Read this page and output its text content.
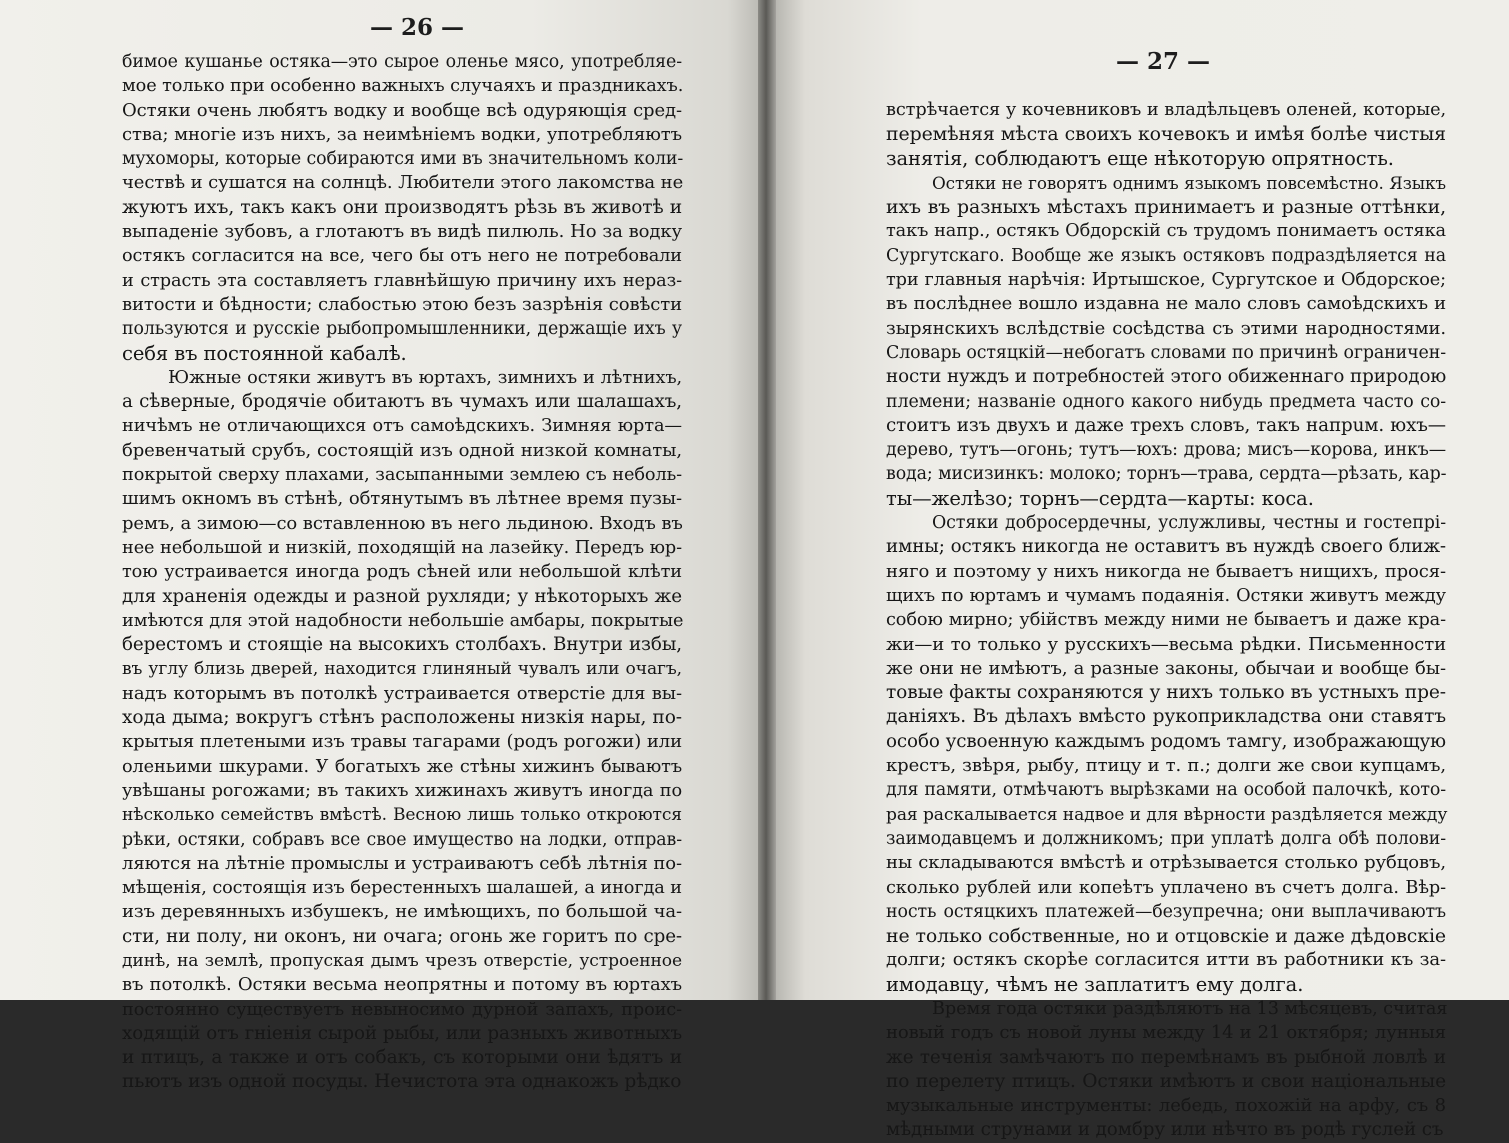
— 26 —
бимое кушанье остяка—это сырое оленье мясо, употребляе-
мое только при особенно важныхъ случаяхъ и праздникахъ.
Остяки очень любятъ водку и вообще всѣ одуряющія сред-
ства; многіе изъ нихъ, за неимѣніемъ водки, употребляютъ
мухоморы, которые собираются ими въ значительномъ коли-
чествѣ и сушатся на солнцѣ. Любители этого лакомства не
жуютъ ихъ, такъ какъ они производятъ рѣзь въ животѣ и
выпаденіе зубовъ, а глотаютъ въ видѣ пилюль. Но за водку
остякъ согласится на все, чего бы отъ него не потребовали
и страсть эта составляетъ главнѣйшую причину ихъ нераз-
витости и бѣдности; слабостью этою безъ зазрѣнія совѣсти
пользуются и русскіе рыбопромышленники, держащіе ихъ у
себя въ постоянной кабалѣ.
Южные остяки живутъ въ юртахъ, зимнихъ и лѣтнихъ,
а сѣверные, бродячіе обитаютъ въ чумахъ или шалашахъ,
ничѣмъ не отличающихся отъ самоѣдскихъ. Зимняя юрта—
бревенчатый срубъ, состоящій изъ одной низкой комнаты,
покрытой сверху плахами, засыпанными землею съ неболь-
шимъ окномъ въ стѣнѣ, обтянутымъ въ лѣтнее время пузы-
ремъ, а зимою—со вставленною въ него льдиною. Входъ въ
нее небольшой и низкій, походящій на лазейку. Передъ юр-
тою устраивается иногда родъ сѣней или небольшой клѣти
для храненія одежды и разной рухляди; у нѣкоторыхъ же
имѣются для этой надобности небольшіе амбары, покрытые
берестомъ и стоящіе на высокихъ столбахъ. Внутри избы,
въ углу близь дверей, находится глиняный чувалъ или очагъ,
надъ которымъ въ потолкѣ устраивается отверстіе для вы-
хода дыма; вокругъ стѣнъ расположены низкія нары, по-
крытыя плетеными изъ травы тагарами (родъ рогожи) или
оленьими шкурами. У богатыхъ же стѣны хижинъ бываютъ
увѣшаны рогожами; въ такихъ хижинахъ живутъ иногда по
нѣсколько семействъ вмѣстѣ. Весною лишь только откроются
рѣки, остяки, собравъ все свое имущество на лодки, отправ-
ляются на лѣтніе промыслы и устраиваютъ себѣ лѣтнія по-
мѣщенія, состоящія изъ берестенныхъ шалашей, а иногда и
изъ деревянныхъ избушекъ, не имѣющихъ, по большой ча-
сти, ни полу, ни оконъ, ни очага; огонь же горитъ по сре-
динѣ, на землѣ, пропуская дымъ чрезъ отверстіе, устроенное
въ потолкѣ. Остяки весьма неопрятны и потому въ юртахъ
постоянно существуетъ невыносимо дурной запахъ, проис-
ходящій отъ гніенія сырой рыбы, или разныхъ животныхъ
и птицъ, а также и отъ собакъ, съ которыми они ѣдятъ и
пьютъ изъ одной посуды. Нечистота эта однакожъ рѣдко
— 27 —
встрѣчается у кочевниковъ и владѣльцевъ оленей, которые,
перемѣняя мѣста своихъ кочевокъ и имѣя болѣе чистыя
занятія, соблюдаютъ еще нѣкоторую опрятность.
Остяки не говорятъ однимъ языкомъ повсемѣстно. Языкъ
ихъ въ разныхъ мѣстахъ принимаетъ и разные оттѣнки,
такъ напр., остякъ Обдорскій съ трудомъ понимаетъ остяка
Сургутскаго. Вообще же языкъ остяковъ подраздѣляется на
три главныя нарѣчія: Иртышское, Сургутское и Обдорское;
въ послѣднее вошло издавна не мало словъ самоѣдскихъ и
зырянскихъ вслѣдствіе сосѣдства съ этими народностями.
Словарь остяцкій—небогатъ словами по причинѣ ограничен-
ности нуждъ и потребностей этого обиженнаго природою
племени; названіе одного какого нибудь предмета часто со-
стоитъ изъ двухъ и даже трехъ словъ, такъ напрuм. юхъ—
дерево, тутъ—огонь; тутъ—юхъ: дрова; мисъ—корова, инкъ—
вода; мисизинкъ: молоко; торнъ—трава, сердта—рѣзать, кар-
ты—желѣзо; торнъ—сердта—карты: коса.
Остяки добросердечны, услужливы, честны и гостепрі-
имны; остякъ никогда не оставитъ въ нуждѣ своего ближ-
няго и поэтому у нихъ никогда не бываетъ нищихъ, прося-
щихъ по юртамъ и чумамъ подаянія. Остяки живутъ между
собою мирно; убійствъ между ними не бываетъ и даже кра-
жи—и то только у русскихъ—весьма рѣдки. Письменности
же они не имѣютъ, а разные законы, обычаи и вообще бы-
товые факты сохраняются у нихъ только въ устныхъ пре-
даніяхъ. Въ дѣлахъ вмѣсто рукоприкладства они ставятъ
особо усвоенную каждымъ родомъ тамгу, изображающую
крестъ, звѣря, рыбу, птицу и т. п.; долги же свои купцамъ,
для памяти, отмѣчаютъ вырѣзками на особой палочкѣ, кото-
рая раскалывается надвое и для вѣрности раздѣляется между
заимодавцемъ и должникомъ; при уплатѣ долга обѣ полови-
ны складываются вмѣстѣ и отрѣзывается столько рубцовъ,
сколько рублей или копеѣтъ уплачено въ счетъ долга. Вѣр-
ность остяцкихъ платежей—безупречна; они выплачиваютъ
не только собственные, но и отцовскіе и даже дѣдовскіе
долги; остякъ скорѣе согласится итти въ работники къ за-
имодавцу, чѣмъ не заплатитъ ему долга.
Время года остяки раздѣляютъ на 13 мѣсяцевъ, считая
новый годъ съ новой луны между 14 и 21 октября; лунныя
же теченія замѣчаютъ по перемѣнамъ въ рыбной ловлѣ и
по перелету птицъ. Остяки имѣютъ и свои національные
музыкальные инструменты: лебедь, похожій на арфу, съ 8
мѣдными струнами и домбру или нѣчто въ родѣ гуслей съ
